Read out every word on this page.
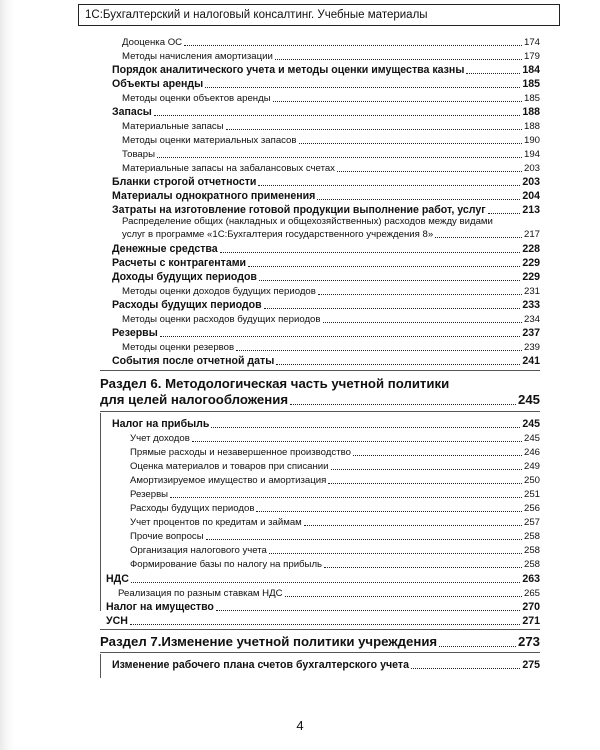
1С:Бухгалтерский и налоговый консалтинг. Учебные материалы
Дооценка ОС	174
Методы начисления амортизации	179
Порядок аналитического учета и методы оценки имущества казны	184
Объекты аренды	185
Методы оценки объектов аренды	185
Запасы	188
Материальные запасы	188
Методы оценки материальных запасов	190
Товары	194
Материальные запасы на забалансовых счетах	203
Бланки строгой отчетности	203
Материалы однократного применения	204
Затраты на изготовление готовой продукции выполнение работ, услуг	213
Распределение общих (накладных и общехозяйственных) расходов между видами
услуг в программе «1С:Бухгалтерия государственного учреждения 8»	217
Денежные средства	228
Расчеты с контрагентами	229
Доходы будущих периодов	229
Методы оценки доходов будущих периодов	231
Расходы будущих периодов	233
Методы оценки расходов будущих периодов	234
Резервы	237
Методы оценки резервов	239
События после отчетной даты	241
Раздел 6. Методологическая часть учетной политики
для целей налогообложения	245
Налог на прибыль	245
Учет доходов	245
Прямые расходы и незавершенное производство	246
Оценка материалов и товаров при списании	249
Амортизируемое имущество и амортизация	250
Резервы	251
Расходы будущих периодов	256
Учет процентов по кредитам и займам	257
Прочие вопросы	258
Организация налогового учета	258
Формирование базы по налогу на прибыль	258
НДС	263
Реализация по разным ставкам НДС	265
Налог на имущество	270
УСН	271
Раздел 7.Изменение учетной политики учреждения	273
Изменение рабочего плана счетов бухгалтерского учета	275
4
